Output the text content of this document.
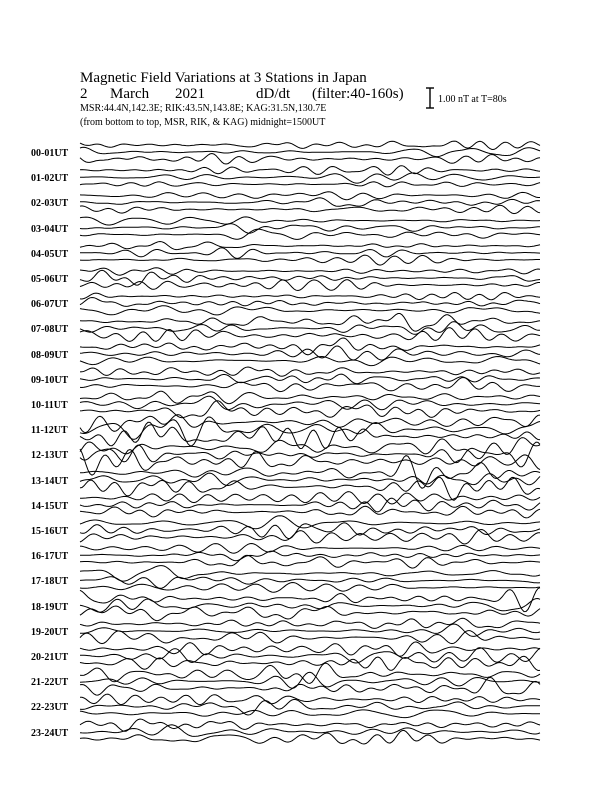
Magnetic Field Variations at 3 Stations in Japan
2 March 2021	dD/dt (filter:40-160s)
MSR:44.4N,142.3E; RIK:43.5N,143.8E; KAG:31.5N,130.7E
(from bottom to top, MSR, RIK, & KAG) midnight=1500UT
1.00 nT at T=80s
00-01UT
01-02UT
02-03UT
03-04UT
04-05UT
05-06UT
06-07UT
07-08UT
08-09UT
09-10UT
10-11UT
11-12UT
12-13UT
13-14UT
14-15UT
15-16UT
16-17UT
17-18UT
18-19UT
19-20UT
20-21UT
21-22UT
22-23UT
23-24UT
